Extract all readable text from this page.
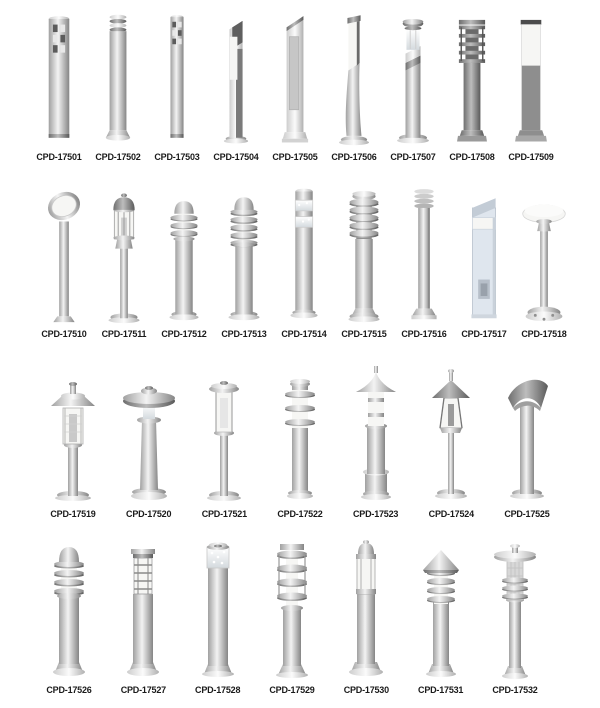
CPD-17501 CPD-17502 CPD-17503 CPD-17504 CPD-17505 CPD-17506 CPD-17507 CPD-17508 CPD-17509
CPD-17510 CPD-17511 CPD-17512 CPD-17513 CPD-17514 CPD-17515 CPD-17516 CPD-17517 CPD-17518
CPD-17519	CPD-17520	CPD-17521	CPD-17522	CPD-17523	CPD-17524	CPD-17525
CPD-17526	CPD-17527	CPD-17528	CPD-17529	CPD-17530	CPD-17531	CPD-17532
